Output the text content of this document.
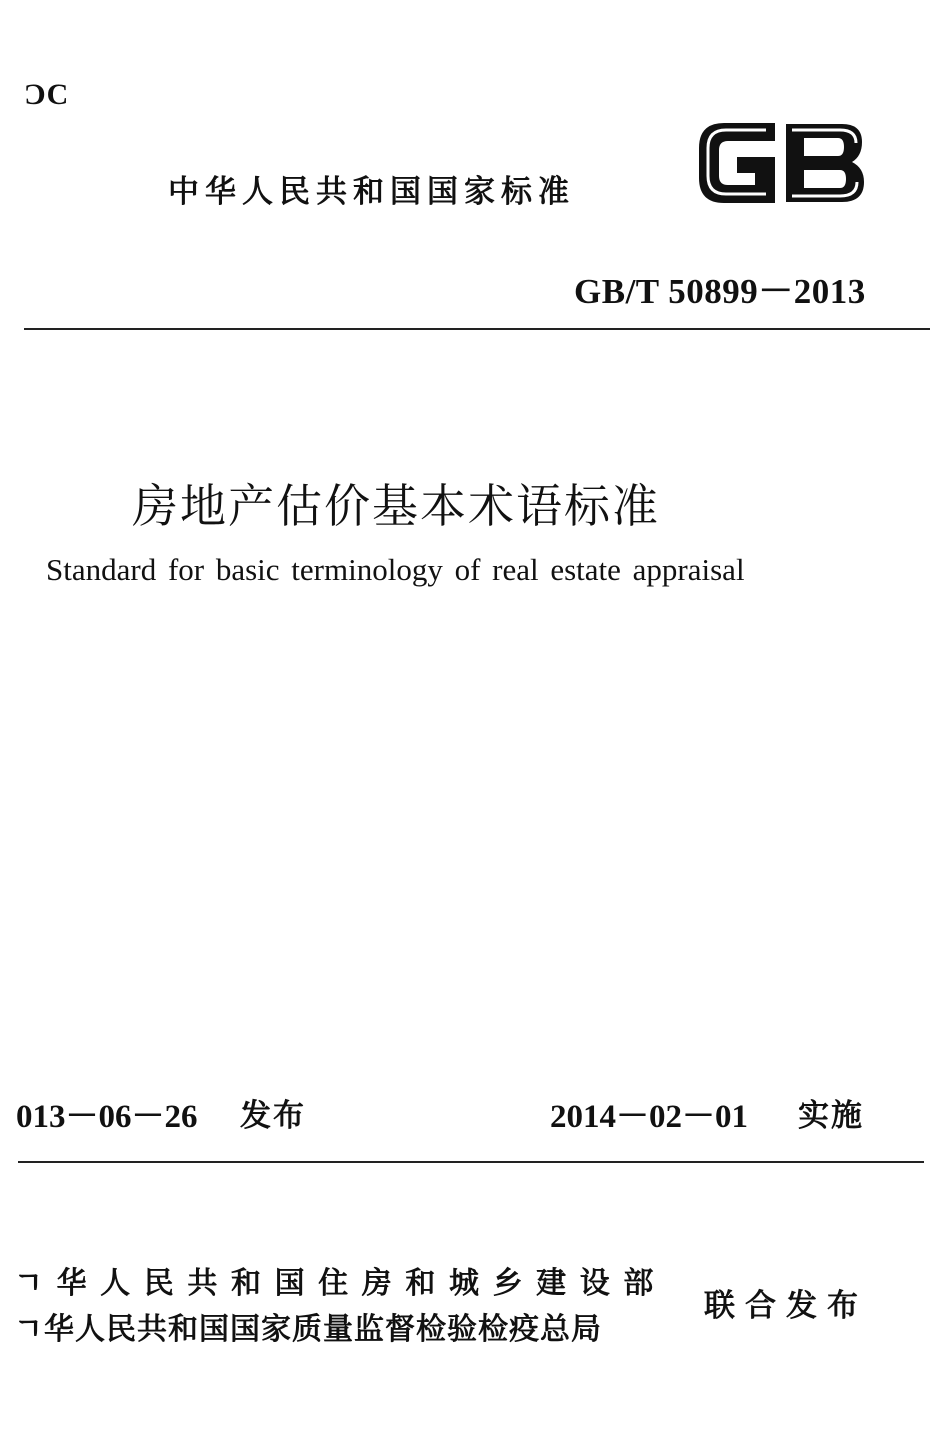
ƆC
中华人民共和国国家标准
GB/T 50899－2013
房地产估价基本术语标准
Standard for basic terminology of real estate appraisal
013－06－26 发布	2014－02－01 实施
ㄱ华人民共和国住房和城乡建设部
ㄱ华人民共和国国家质量监督检验检疫总局
联合发布
